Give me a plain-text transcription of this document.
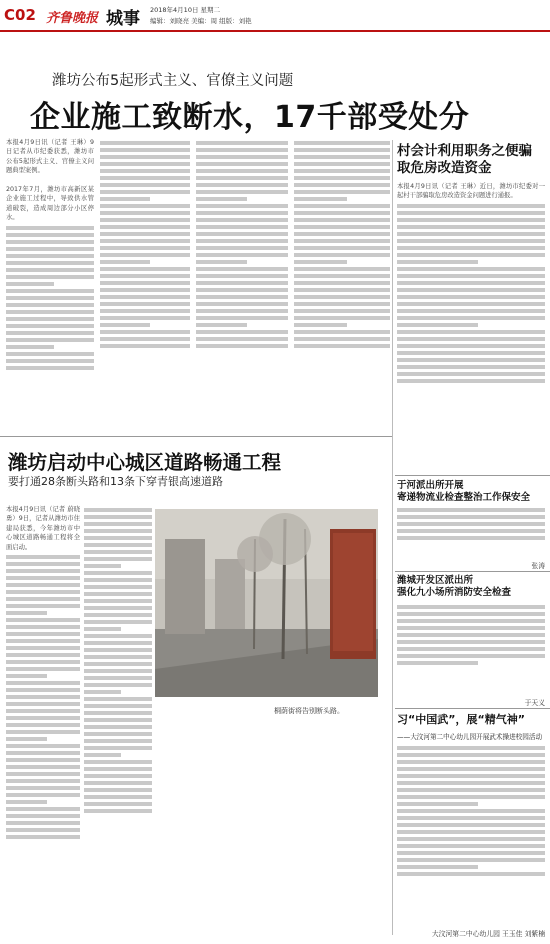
C02 齐鲁晚报 城事 2018年4月10日 星期二
编辑：刘晓亮 美编：周 组版：刘艳
潍坊公布5起形式主义、官僚主义问题
企业施工致断水，17千部受处分
本报4月9日讯（记者 王琳）9日记者从市纪委获悉，潍坊市公布5起形式主义、官僚主义问题典型案例。

2017年7月，潍坊市高新区某企业施工过程中，导致供水管道破裂，造成周边部分小区停水。
村会计利用职务之便骗取危房改造资金
本报4月9日讯（记者 王琳）近日，潍坊市纪委对一起村干部骗取危房改造资金问题进行通报。
潍坊启动中心城区道路畅通工程
要打通28条断头路和13条下穿青银高速道路
本报4月9日讯（记者 蔚晓勇）9日，记者从潍坊市住建局获悉，今年潍坊市中心城区道路畅通工程将全面启动。
桐荫街将告别断头路。
于河派出所开展
寄递物流业检查整治工作保安全
张涛
潍城开发区派出所
强化九小场所消防安全检查
于天义
习“中国武”，展“精气神”
——大汶河第二中心幼儿园开展武术操进校园活动
大汶河第二中心幼儿园 王玉佳 刘紫楠
